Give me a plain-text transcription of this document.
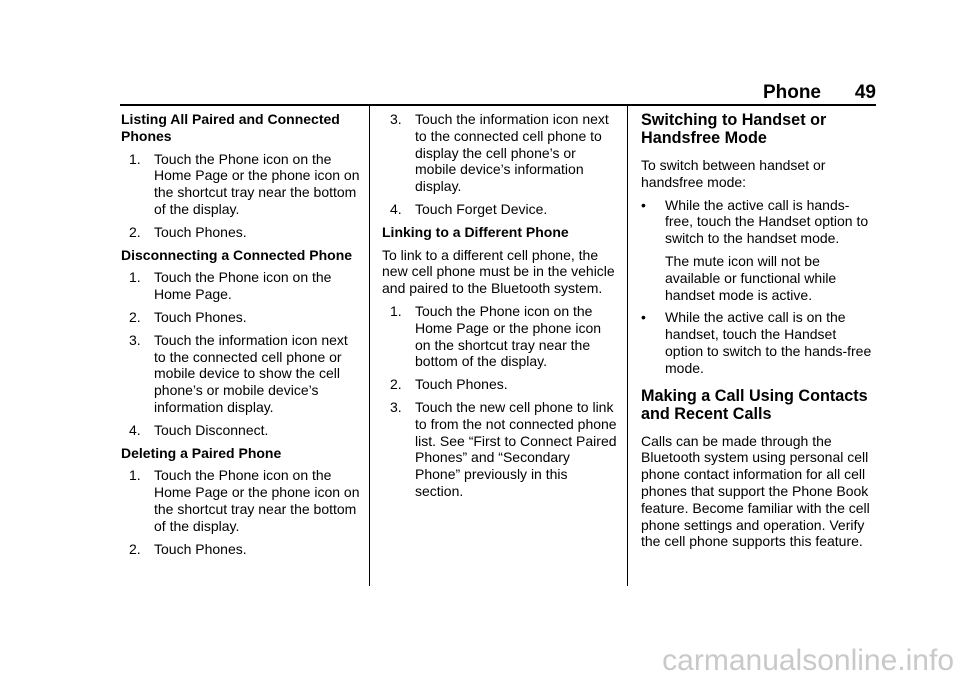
Phone 49

Listing All Paired and Connected Phones

1. Touch the Phone icon on the Home Page or the phone icon on the shortcut tray near the bottom of the display.
2. Touch Phones.

Disconnecting a Connected Phone

1. Touch the Phone icon on the Home Page.
2. Touch Phones.
3. Touch the information icon next to the connected cell phone or mobile device to show the cell phone’s or mobile device’s information display.
4. Touch Disconnect.

Deleting a Paired Phone

1. Touch the Phone icon on the Home Page or the phone icon on the shortcut tray near the bottom of the display.
2. Touch Phones.
3. Touch the information icon next to the connected cell phone to display the cell phone’s or mobile device’s information display.
4. Touch Forget Device.

Linking to a Different Phone

To link to a different cell phone, the new cell phone must be in the vehicle and paired to the Bluetooth system.

1. Touch the Phone icon on the Home Page or the phone icon on the shortcut tray near the bottom of the display.
2. Touch Phones.
3. Touch the new cell phone to link to from the not connected phone list. See “First to Connect Paired Phones” and “Secondary Phone” previously in this section.
Switching to Handset or Handsfree Mode

To switch between handset or handsfree mode:

• While the active call is hands-free, touch the Handset option to switch to the handset mode.

The mute icon will not be available or functional while handset mode is active.

• While the active call is on the handset, touch the Handset option to switch to the hands-free mode.
Making a Call Using Contacts and Recent Calls

Calls can be made through the Bluetooth system using personal cell phone contact information for all cell phones that support the Phone Book feature. Become familiar with the cell phone settings and operation. Verify the cell phone supports this feature.

carmanualsonline.info
